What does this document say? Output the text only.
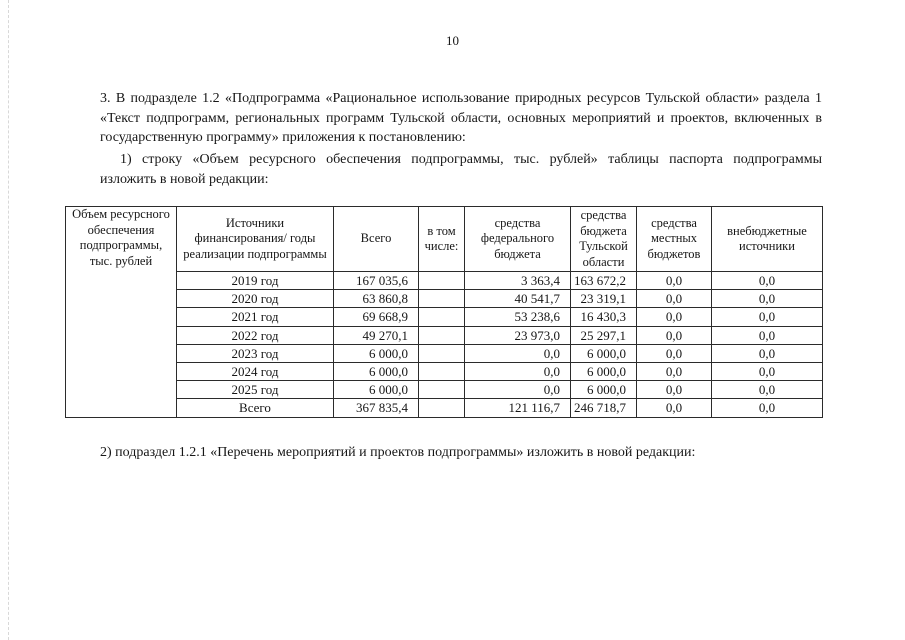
10
3. В подразделе 1.2 «Подпрограмма «Рациональное использование природных ресурсов Тульской области» раздела 1 «Текст подпрограмм, региональных программ Тульской области, основных мероприятий и проектов, включенных в государственную программу» приложения к постановлению:
1) строку «Объем ресурсного обеспечения подпрограммы, тыс. рублей» таблицы паспорта подпрограммы
изложить в новой редакции:
Объем ресурсного обеспечения подпрограммы, тыс. рублей	Источники финансирования/ годы реализации подпрограммы	Всего	в том числе:	средства федерального бюджета	средства бюджета Тульской области	средства местных бюджетов	внебюджетные источники
	2019 год	167 035,6		3 363,4	163 672,2	0,0	0,0
	2020 год	63 860,8		40 541,7	23 319,1	0,0	0,0
	2021 год	69 668,9		53 238,6	16 430,3	0,0	0,0
	2022 год	49 270,1		23 973,0	25 297,1	0,0	0,0
	2023 год	6 000,0		0,0	6 000,0	0,0	0,0
	2024 год	6 000,0		0,0	6 000,0	0,0	0,0
	2025 год	6 000,0		0,0	6 000,0	0,0	0,0
	Всего	367 835,4		121 116,7	246 718,7	0,0	0,0
2) подраздел 1.2.1 «Перечень мероприятий и проектов подпрограммы» изложить в новой редакции:
